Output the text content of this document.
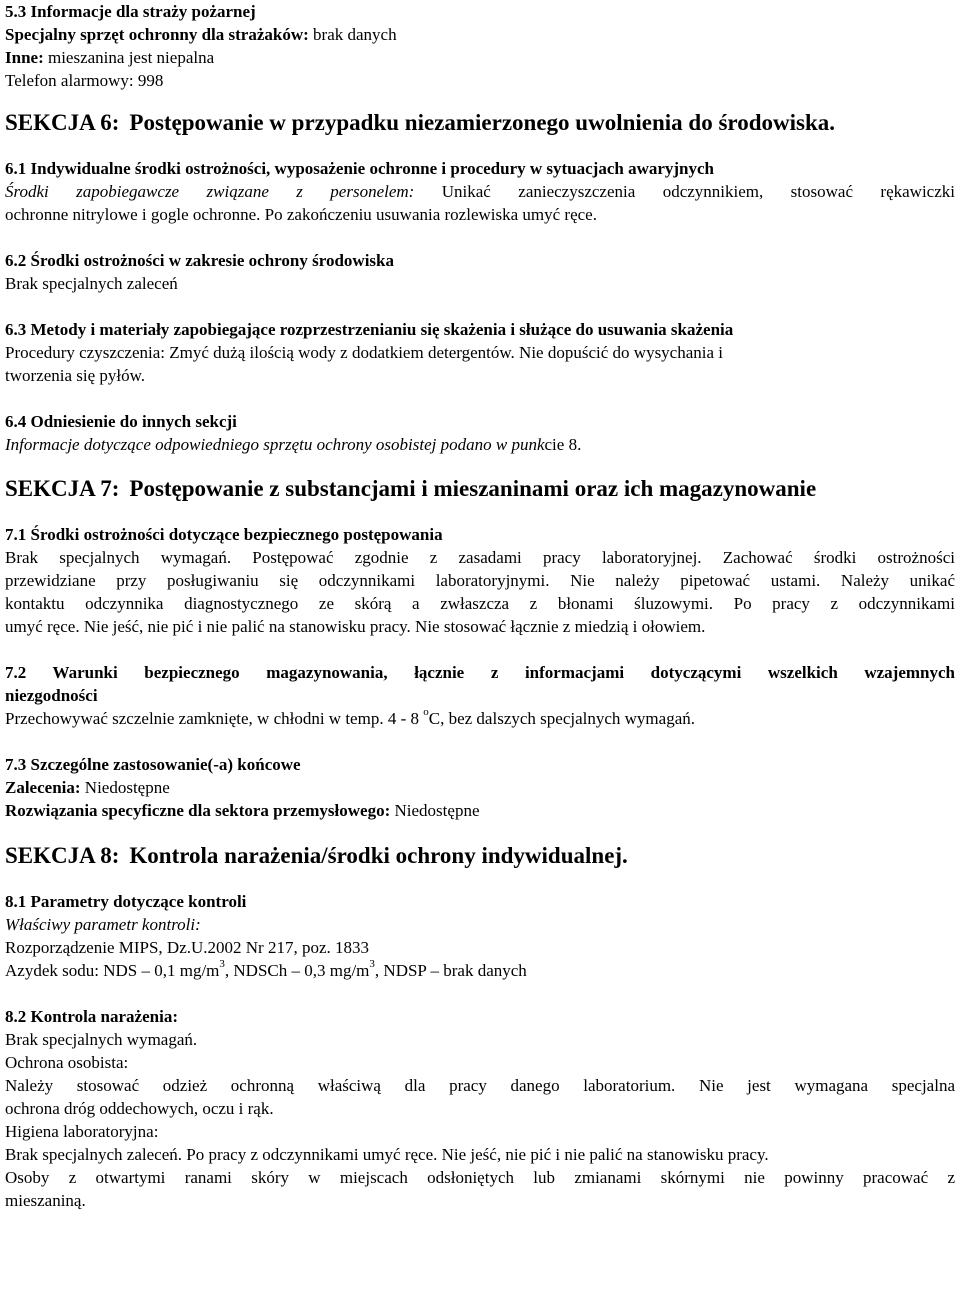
5.3 Informacje dla straży pożarnej

Specjalny sprzęt ochronny dla strażaków: brak danych

Inne: mieszanina jest niepalna

Telefon alarmowy: 998

SEKCJA 6: Postępowanie w przypadku niezamierzonego uwolnienia do środowiska.

6.1 Indywidualne środki ostrożności, wyposażenie ochronne i procedury w sytuacjach awaryjnych

Środki zapobiegawcze związane z personelem: Unikać zanieczyszczenia odczynnikiem, stosować rękawiczki

ochronne nitrylowe i gogle ochronne. Po zakończeniu usuwania rozlewiska umyć ręce.

6.2 Środki ostrożności w zakresie ochrony środowiska

Brak specjalnych zaleceń

6.3 Metody i materiały zapobiegające rozprzestrzenianiu się skażenia i służące do usuwania skażenia

Procedury czyszczenia: Zmyć dużą ilością wody z dodatkiem detergentów. Nie dopuścić do wysychania i

tworzenia się pyłów.

6.4 Odniesienie do innych sekcji

Informacje dotyczące odpowiedniego sprzętu ochrony osobistej podano w punkcie 8.

SEKCJA 7: Postępowanie z substancjami i mieszaninami oraz ich magazynowanie

7.1 Środki ostrożności dotyczące bezpiecznego postępowania

Brak specjalnych wymagań. Postępować zgodnie z zasadami pracy laboratoryjnej. Zachować środki ostrożności

przewidziane przy posługiwaniu się odczynnikami laboratoryjnymi. Nie należy pipetować ustami. Należy unikać

kontaktu odczynnika diagnostycznego ze skórą a zwłaszcza z błonami śluzowymi. Po pracy z odczynnikami

umyć ręce. Nie jeść, nie pić i nie palić na stanowisku pracy. Nie stosować łącznie z miedzią i ołowiem.

7.2 Warunki bezpiecznego magazynowania, łącznie z informacjami dotyczącymi wszelkich wzajemnych

niezgodności

Przechowywać szczelnie zamknięte, w chłodni w temp. 4 - 8 $^o$C, bez dalszych specjalnych wymagań.

7.3 Szczególne zastosowanie(-a) końcowe

Zalecenia: Niedostępne

Rozwiązania specyficzne dla sektora przemysłowego: Niedostępne

SEKCJA 8: Kontrola narażenia/środki ochrony indywidualnej.

8.1 Parametry dotyczące kontroli

Właściwy parametr kontroli:

Rozporządzenie MIPS, Dz.U.2002 Nr 217, poz. 1833

Azydek sodu: NDS – 0,1 $mg/m^3$, NDSCh – 0,3 $mg/m^3$, NDSP – brak danych

8.2 Kontrola narażenia:

Brak specjalnych wymagań.

Ochrona osobista:

Należy stosować odzież ochronną właściwą dla pracy danego laboratorium. Nie jest wymagana specjalna

ochrona dróg oddechowych, oczu i rąk.

Higiena laboratoryjna:

Brak specjalnych zaleceń. Po pracy z odczynnikami umyć ręce. Nie jeść, nie pić i nie palić na stanowisku pracy.

Osoby z otwartymi ranami skóry w miejscach odsłoniętych lub zmianami skórnymi nie powinny pracować z

mieszaniną.
